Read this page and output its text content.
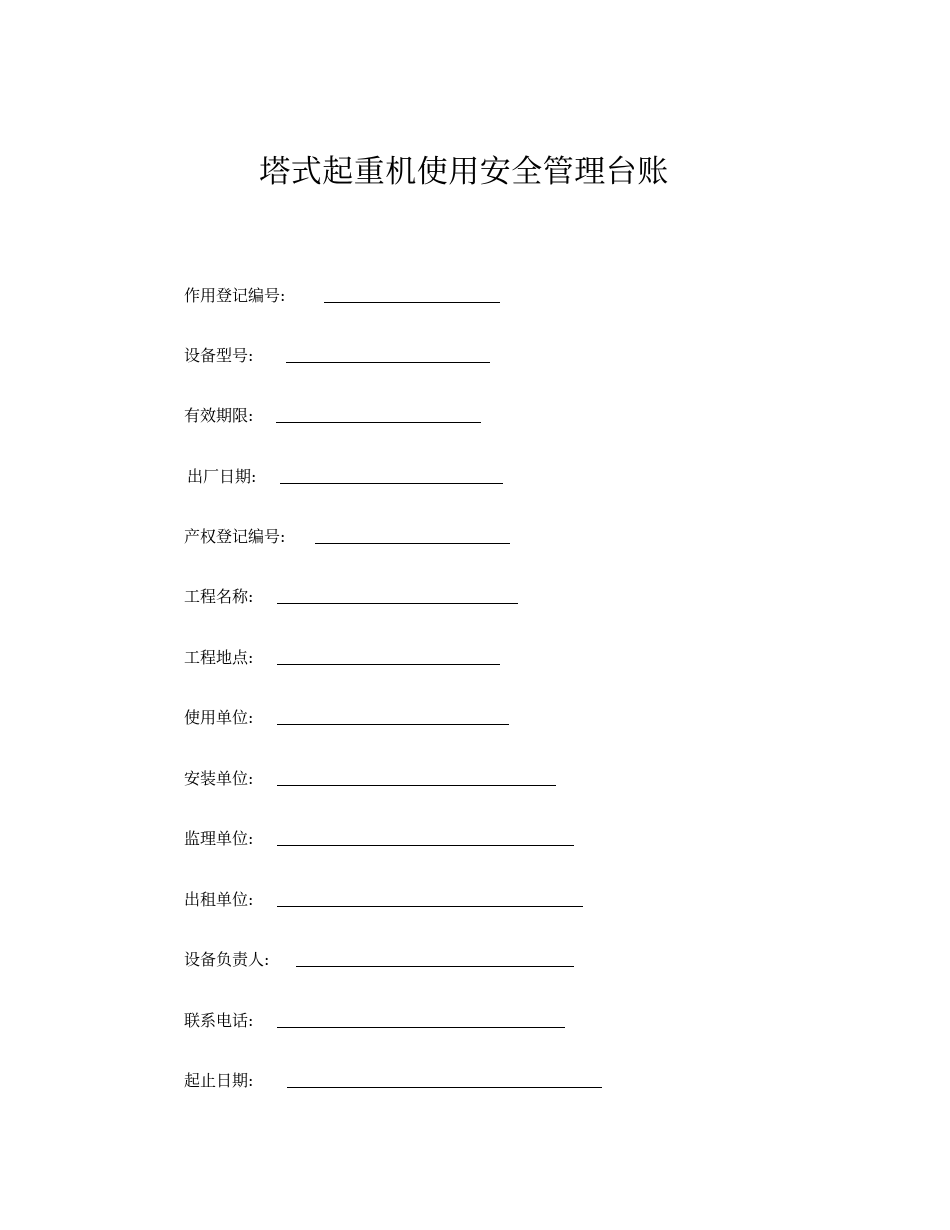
塔式起重机使用安全管理台账
作用登记编号:
设备型号:
有效期限:
出厂日期:
产权登记编号:
工程名称:
工程地点:
使用单位:
安装单位:
监理单位:
出租单位:
设备负责人:
联系电话:
起止日期:
